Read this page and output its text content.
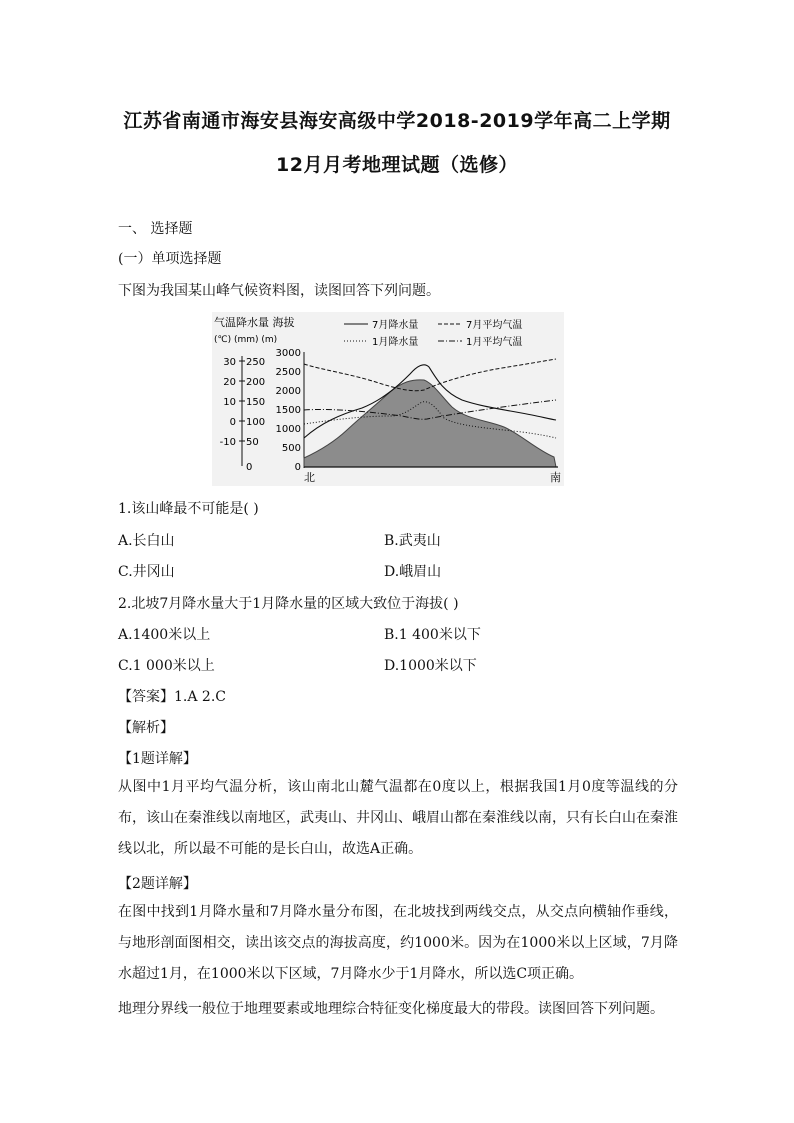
江苏省南通市海安县海安高级中学2018-2019学年高二上学期
12月月考地理试题（选修）
一、 选择题
(一）单项选择题
下图为我国某山峰气候资料图，读图回答下列问题。
气温降水量 海拔
(℃) (mm) (m)
7月降水量	7月平均气温
1月降水量	1月平均气温
30
20
10
0
-10
250
200
150
100
50
0
3000
2500
2000
1500
1000
500
0
北	南
1.该山峰最不可能是( )
A.长白山	B.武夷山
C.井冈山	D.峨眉山
2.北坡7月降水量大于1月降水量的区域大致位于海拔( )
A.1400米以上	B.1 400米以下
C.1 000米以上	D.1000米以下
【答案】1.A 2.C
【解析】
【1题详解】
从图中1月平均气温分析，该山南北山麓气温都在0度以上，根据我国1月0度等温线的分布，该山在秦淮线以南地区，武夷山、井冈山、峨眉山都在秦淮线以南，只有长白山在秦淮线以北，所以最不可能的是长白山，故选A正确。
【2题详解】
在图中找到1月降水量和7月降水量分布图，在北坡找到两线交点，从交点向横轴作垂线，与地形剖面图相交，读出该交点的海拔高度，约1000米。因为在1000米以上区域，7月降水超过1月，在1000米以下区域，7月降水少于1月降水，所以选C项正确。
地理分界线一般位于地理要素或地理综合特征变化梯度最大的带段。读图回答下列问题。
